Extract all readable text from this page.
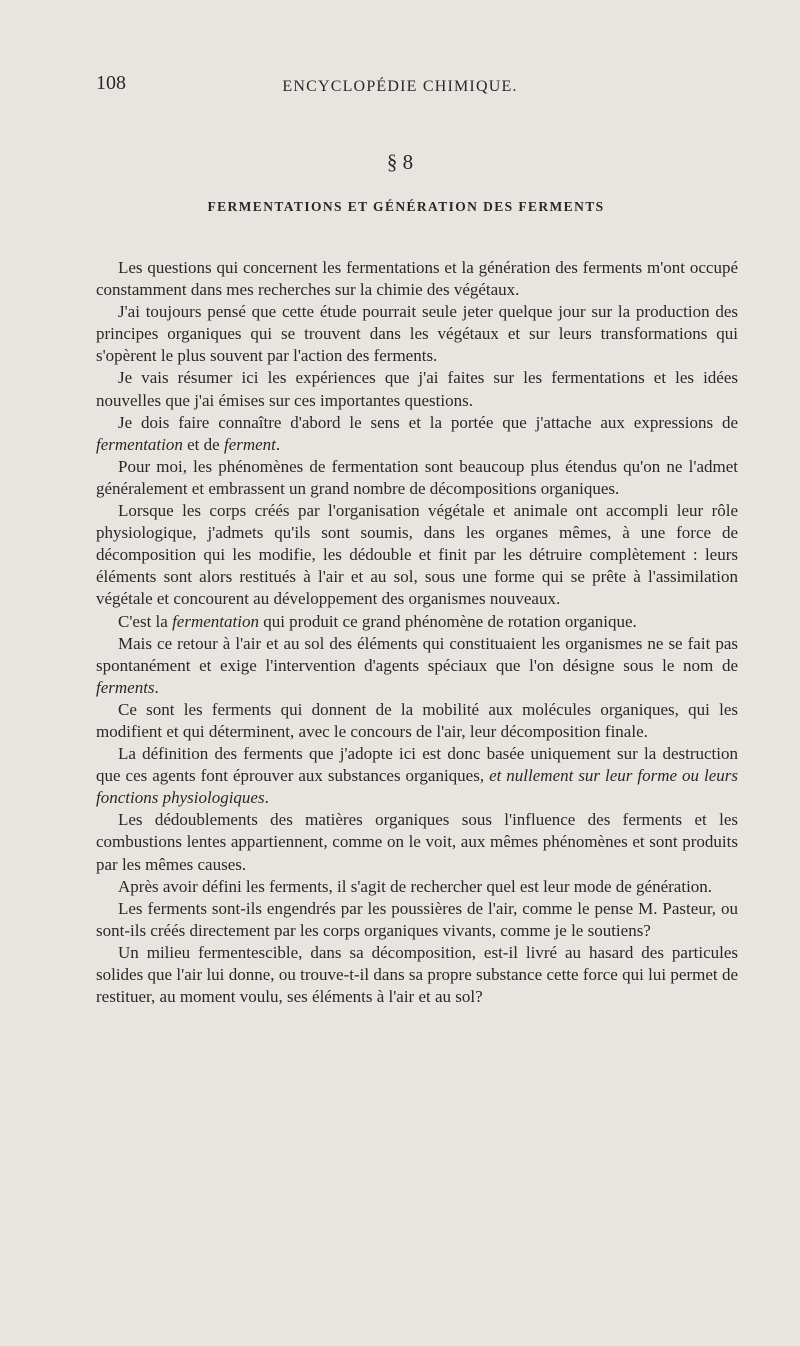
108	ENCYCLOPÉDIE CHIMIQUE.
§ 8
FERMENTATIONS ET GÉNÉRATION DES FERMENTS

Les questions qui concernent les fermentations et la génération des ferments m'ont occupé constamment dans mes recherches sur la chimie des végétaux.

J'ai toujours pensé que cette étude pourrait seule jeter quelque jour sur la production des principes organiques qui se trouvent dans les végétaux et sur leurs transformations qui s'opèrent le plus souvent par l'action des ferments.

Je vais résumer ici les expériences que j'ai faites sur les fermentations et les idées nouvelles que j'ai émises sur ces importantes questions.

Je dois faire connaître d'abord le sens et la portée que j'attache aux expressions de fermentation et de ferment.

Pour moi, les phénomènes de fermentation sont beaucoup plus étendus qu'on ne l'admet généralement et embrassent un grand nombre de décompositions organiques.

Lorsque les corps créés par l'organisation végétale et animale ont accompli leur rôle physiologique, j'admets qu'ils sont soumis, dans les organes mêmes, à une force de décomposition qui les modifie, les dédouble et finit par les détruire complètement : leurs éléments sont alors restitués à l'air et au sol, sous une forme qui se prête à l'assimilation végétale et concourent au développement des organismes nouveaux.

C'est la fermentation qui produit ce grand phénomène de rotation organique.

Mais ce retour à l'air et au sol des éléments qui constituaient les organismes ne se fait pas spontanément et exige l'intervention d'agents spéciaux que l'on désigne sous le nom de ferments.

Ce sont les ferments qui donnent de la mobilité aux molécules organiques, qui les modifient et qui déterminent, avec le concours de l'air, leur décomposition finale.

La définition des ferments que j'adopte ici est donc basée uniquement sur la destruction que ces agents font éprouver aux substances organiques, et nullement sur leur forme ou leurs fonctions physiologiques.

Les dédoublements des matières organiques sous l'influence des ferments et les combustions lentes appartiennent, comme on le voit, aux mêmes phénomènes et sont produits par les mêmes causes.

Après avoir défini les ferments, il s'agit de rechercher quel est leur mode de génération.

Les ferments sont-ils engendrés par les poussières de l'air, comme le pense M. Pasteur, ou sont-ils créés directement par les corps organiques vivants, comme je le soutiens?

Un milieu fermentescible, dans sa décomposition, est-il livré au hasard des particules solides que l'air lui donne, ou trouve-t-il dans sa propre substance cette force qui lui permet de restituer, au moment voulu, ses éléments à l'air et au sol?
